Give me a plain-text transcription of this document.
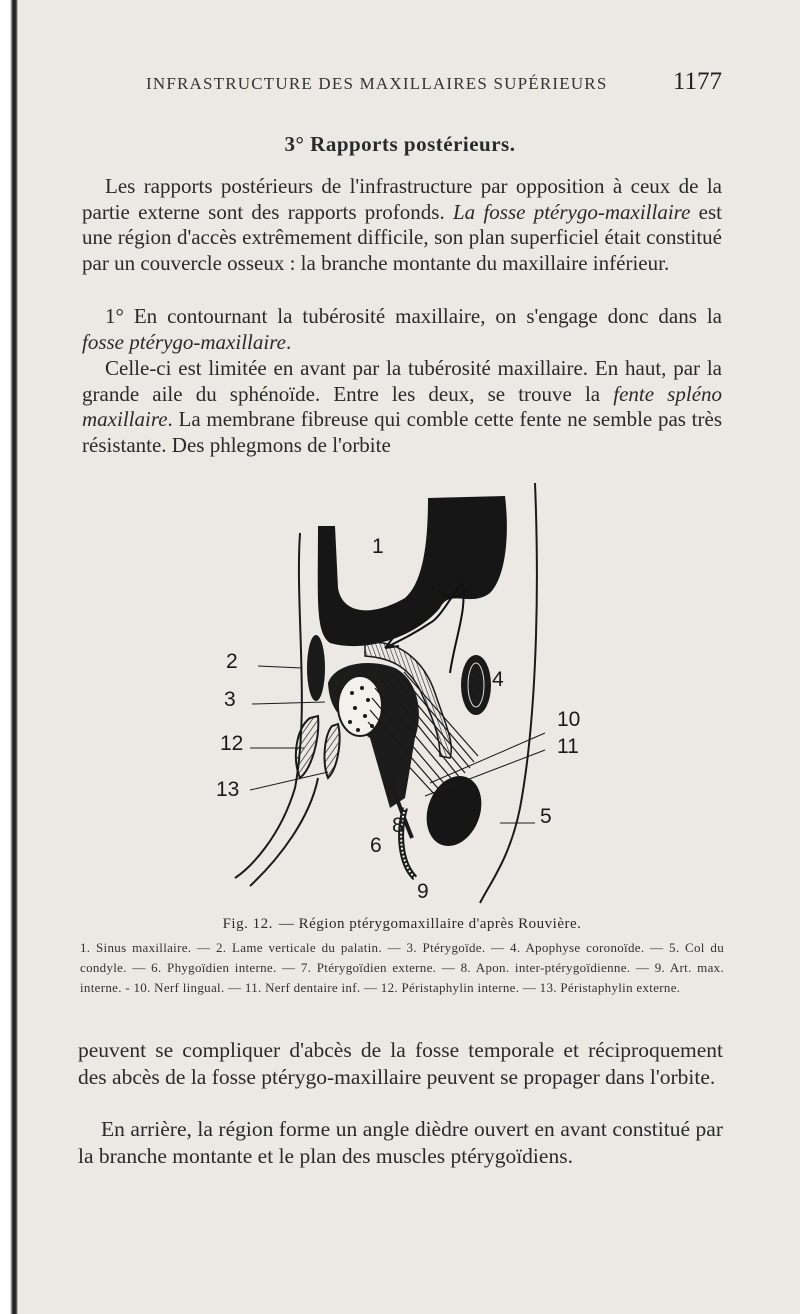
INFRASTRUCTURE DES MAXILLAIRES SUPÉRIEURS	1177
3° Rapports postérieurs.

Les rapports postérieurs de l'infrastructure par opposition à ceux de la partie externe sont des rapports profonds. La fosse ptérygo-maxillaire est une région d'accès extrêmement difficile, son plan superficiel était constitué par un couvercle osseux : la branche montante du maxillaire inférieur.

1° En contournant la tubérosité maxillaire, on s'engage donc dans la fosse ptérygo-maxillaire.

Celle-ci est limitée en avant par la tubérosité maxillaire. En haut, par la grande aile du sphénoïde. Entre les deux, se trouve la fente spléno maxillaire. La membrane fibreuse qui comble cette fente ne semble pas très résistante. Des phlegmons de l'orbite

1
2
3
4
10
11
12
13
5
8
6
9
Fig. 12. — Région ptérygomaxillaire d'après Rouvière.

1. Sinus maxillaire. — 2. Lame verticale du palatin. — 3. Ptérygoïde. — 4. Apophyse coronoïde. — 5. Col du condyle. — 6. Phygoïdien interne. — 7. Ptérygoïdien externe. — 8. Apon. inter-ptérygoïdienne. — 9. Art. max. interne. - 10. Nerf lingual. — 11. Nerf dentaire inf. — 12. Péristaphylin interne. — 13. Péristaphylin externe.

peuvent se compliquer d'abcès de la fosse temporale et réciproquement des abcès de la fosse ptérygo-maxillaire peuvent se propager dans l'orbite.

En arrière, la région forme un angle dièdre ouvert en avant constitué par la branche montante et le plan des muscles ptérygoïdiens.
